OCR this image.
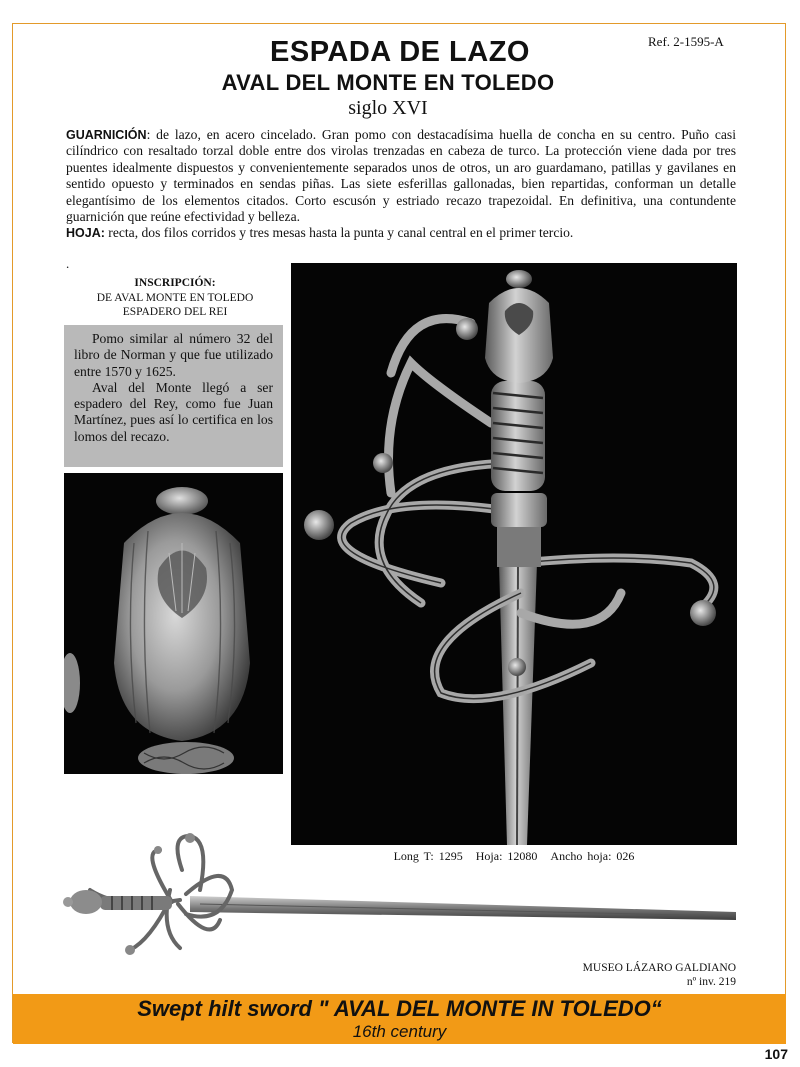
Ref. 2-1595-A
ESPADA DE LAZO
AVAL DEL MONTE EN TOLEDO
siglo XVI

GUARNICIÓN: de lazo, en acero cincelado. Gran pomo con destacadísima huella de concha en su centro. Puño casi cilíndrico con resaltado torzal doble entre dos virolas trenzadas en cabeza de turco. La protección viene dada por tres puentes idealmente dispuestos y convenientemente separados unos de otros, un aro guardamano, patillas y gavilanes en sentido opuesto y terminados en sendas piñas. Las siete esferillas gallonadas, bien repartidas, conforman un detalle elegantísimo de los elementos citados. Corto escusón y estriado recazo trapezoidal. En definitiva, una contundente guarnición que reúne efectividad y belleza.

HOJA: recta, dos filos corridos y tres mesas hasta la punta y canal central en el primer tercio.

.
INSCRIPCIÓN:
DE AVAL MONTE EN TOLEDO
ESPADERO DEL REI

Pomo similar al número 32 del libro de Norman y que fue utilizado entre 1570 y 1625.

Aval del Monte llegó a ser espadero del Rey, como fue Juan Martínez, pues así lo certifica en los lomos del recazo.

Long T: 1295 Hoja: 12080 Ancho hoja: 026
MUSEO LÁZARO GALDIANO
nº inv. 219
Swept hilt sword " AVAL DEL MONTE IN TOLEDO“
16th century
107
